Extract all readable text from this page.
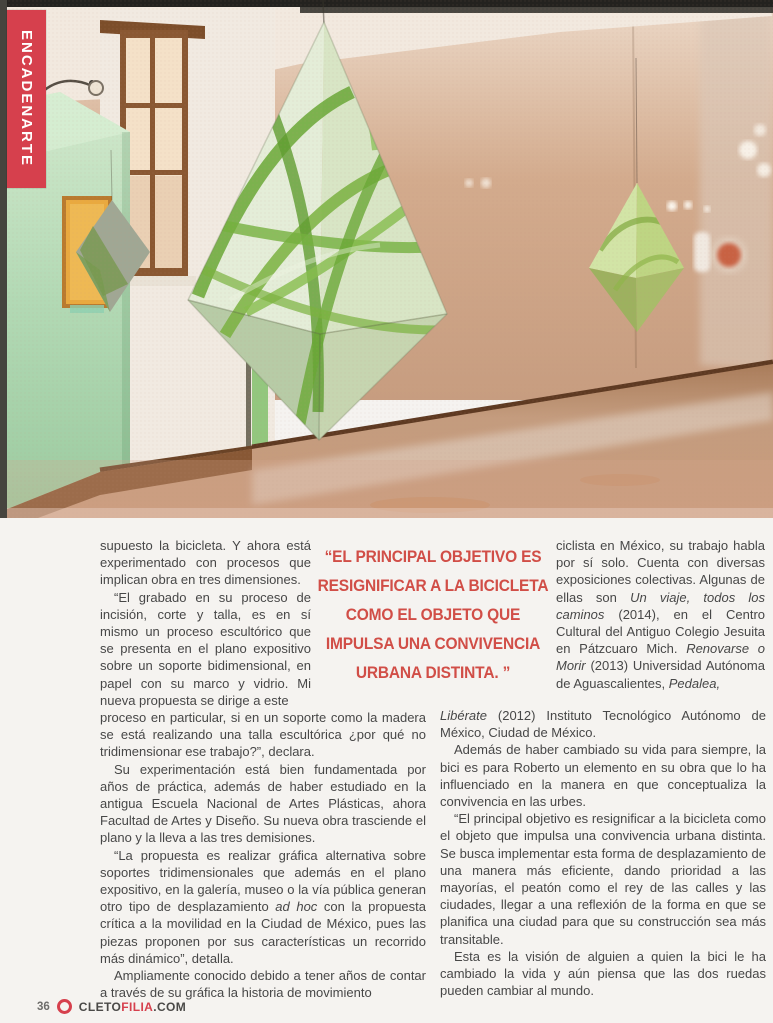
ENCADENARTE
“EL PRINCIPAL OBJETIVO ES
RESIGNIFICAR A LA BICICLETA
COMO EL OBJETO QUE
IMPULSA UNA CONVIVENCIA
URBANA DISTINTA. ”

supuesto la bicicleta. Y ahora está experimentado con procesos que implican obra en tres dimensiones.

“El grabado en su proceso de incisión, corte y talla, es en sí mismo un proceso escultórico que se presenta en el plano expositivo sobre un soporte bidimensional, en papel con su marco y vidrio. Mi nueva propuesta se dirige a este

proceso en particular, si en un soporte como la madera se está realizando una talla escultórica ¿por qué no tridimensionar ese trabajo?”, declara.

Su experimentación está bien fundamentada por años de práctica, además de haber estudiado en la antigua Escuela Nacional de Artes Plásticas, ahora Facultad de Artes y Diseño. Su nueva obra trasciende el plano y la lleva a las tres demisiones.

“La propuesta es realizar gráfica alternativa sobre soportes tridimensionales que además en el plano expositivo, en la galería, museo o la vía pública generan otro tipo de desplazamiento ad hoc con la propuesta crítica a la movilidad en la Ciudad de México, pues las piezas proponen por sus características un recorrido más dinámico”, detalla.

Ampliamente conocido debido a tener años de contar a través de su gráfica la historia de movimiento

ciclista en México, su trabajo habla por sí solo. Cuenta con diversas exposiciones colectivas. Algunas de ellas son Un viaje, todos los caminos (2014), en el Centro Cultural del Antiguo Colegio Jesuita en Pátzcuaro Mich. Renovarse o Morir (2013) Universidad Autónoma de Aguascalientes, Pedalea,

Libérate (2012) Instituto Tecnológico Autónomo de México, Ciudad de México.

Además de haber cambiado su vida para siempre, la bici es para Roberto un elemento en su obra que lo ha influenciado en la manera en que conceptualiza la convivencia en las urbes.

“El principal objetivo es resignificar a la bicicleta como el objeto que impulsa una convivencia urbana distinta. Se busca implementar esta forma de desplazamiento de una manera más eficiente, dando prioridad a las mayorías, el peatón como el rey de las calles y las ciudades, llegar a una reflexión de la forma en que se planifica una ciudad para que su construcción sea más transitable.

Esta es la visión de alguien a quien la bici le ha cambiado la vida y aún piensa que las dos ruedas pueden cambiar al mundo.

36 CLETOFILIA.COM
